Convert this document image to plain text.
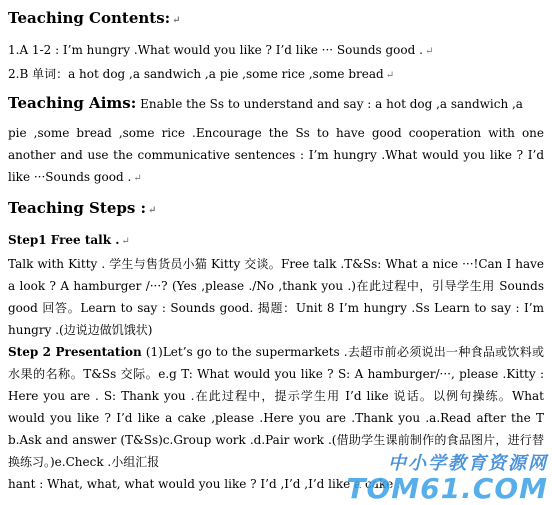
Teaching Contents: ↵

1.A 1-2 : I’m hungry .What would you like ? I’d like ··· Sounds good . ↵

2.B 单词：a hot dog ,a sandwich ,a pie ,some rice ,some bread ↵

Teaching Aims: Enable the Ss to understand and say : a hot dog ,a sandwich ,a

pie ,some bread ,some rice .Encourage the Ss to have good cooperation with one another and use the communicative sentences : I’m hungry .What would you like ? I’d like ···Sounds good . ↵

Teaching Steps : ↵

Step1 Free talk . ↵

Talk with Kitty . 学生与售货员小猫 Kitty 交谈。Free talk .T&Ss: What a nice ···!Can I have a look ? A hamburger /···? (Yes ,please ./No ,thank you .)在此过程中，引导学生用 Sounds good 回答。Learn to say : Sounds good. 揭题：Unit 8 I’m hungry .Ss Learn to say : I’m hungry .(边说边做饥饿状)

Step 2 Presentation (1)Let’s go to the supermarkets .去超市前必须说出一种食品或饮料或水果的名称。T&Ss 交际。e.g T: What would you like ? S: A hamburger/···, please .Kitty : Here you are . S: Thank you .在此过程中，提示学生用 I’d like 说话。以例句操练。What would you like ? I’d like a cake ,please .Here you are .Thank you .a.Read after the T b.Ask and answer (T&Ss)c.Group work .d.Pair work .(借助学生课前制作的食品图片，进行替换练习。)e.Check .小组汇报

hant : What, what, what would you like ? I’d ,I’d ,I’d like a cake .

中小学教育资源网
TOM61.COM
